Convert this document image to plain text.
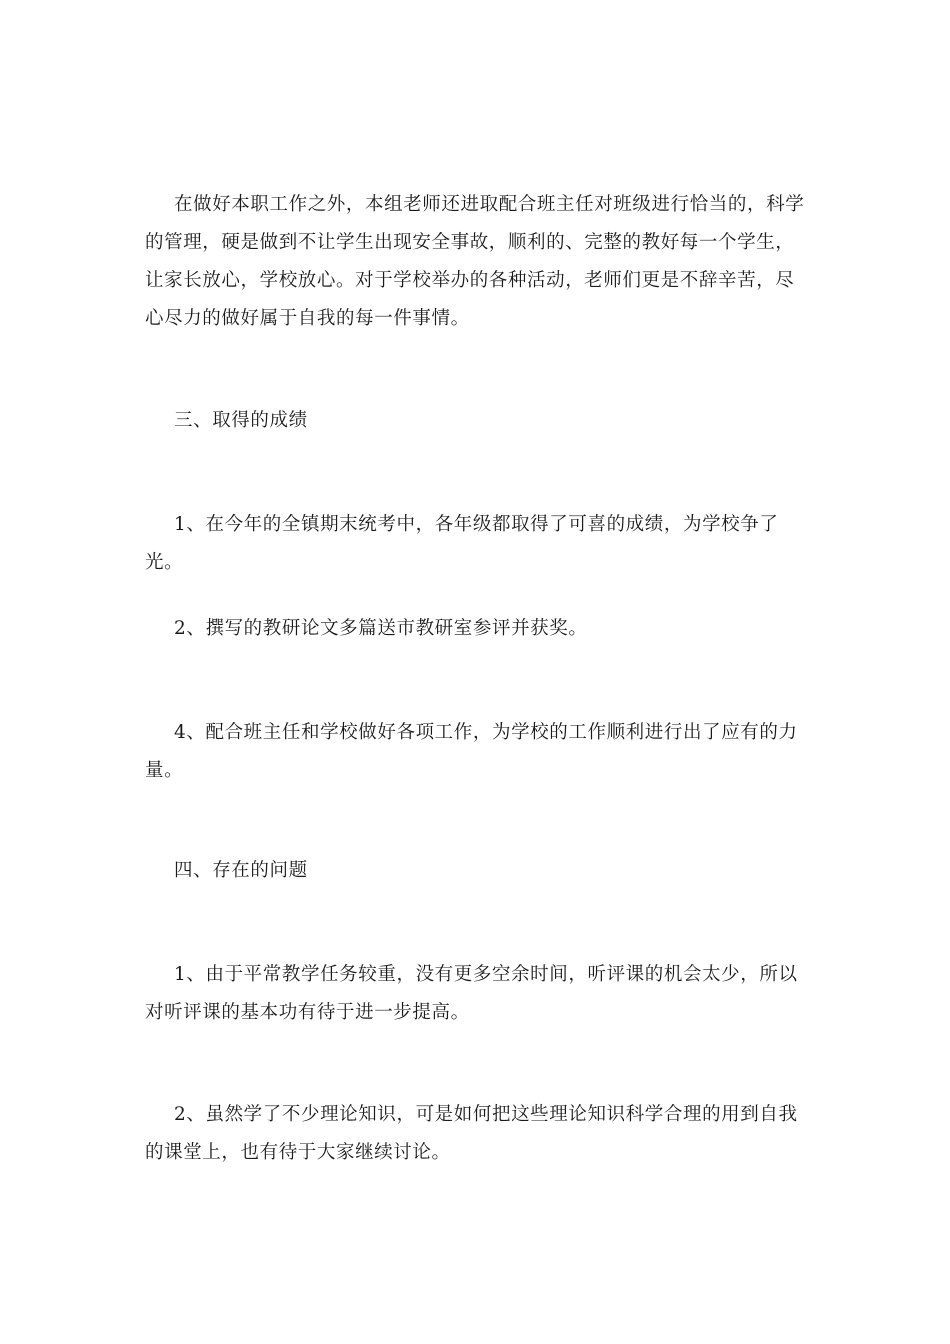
在做好本职工作之外，本组老师还进取配合班主任对班级进行恰当的，科学的管理，硬是做到不让学生出现安全事故，顺利的、完整的教好每一个学生，让家长放心，学校放心。对于学校举办的各种活动，老师们更是不辞辛苦，尽心尽力的做好属于自我的每一件事情。

三、取得的成绩

1、在今年的全镇期末统考中，各年级都取得了可喜的成绩，为学校争了光。

2、撰写的教研论文多篇送市教研室参评并获奖。

4、配合班主任和学校做好各项工作，为学校的工作顺利进行出了应有的力量。

四、存在的问题

1、由于平常教学任务较重，没有更多空余时间，听评课的机会太少，所以对听评课的基本功有待于进一步提高。

2、虽然学了不少理论知识，可是如何把这些理论知识科学合理的用到自我的课堂上，也有待于大家继续讨论。
